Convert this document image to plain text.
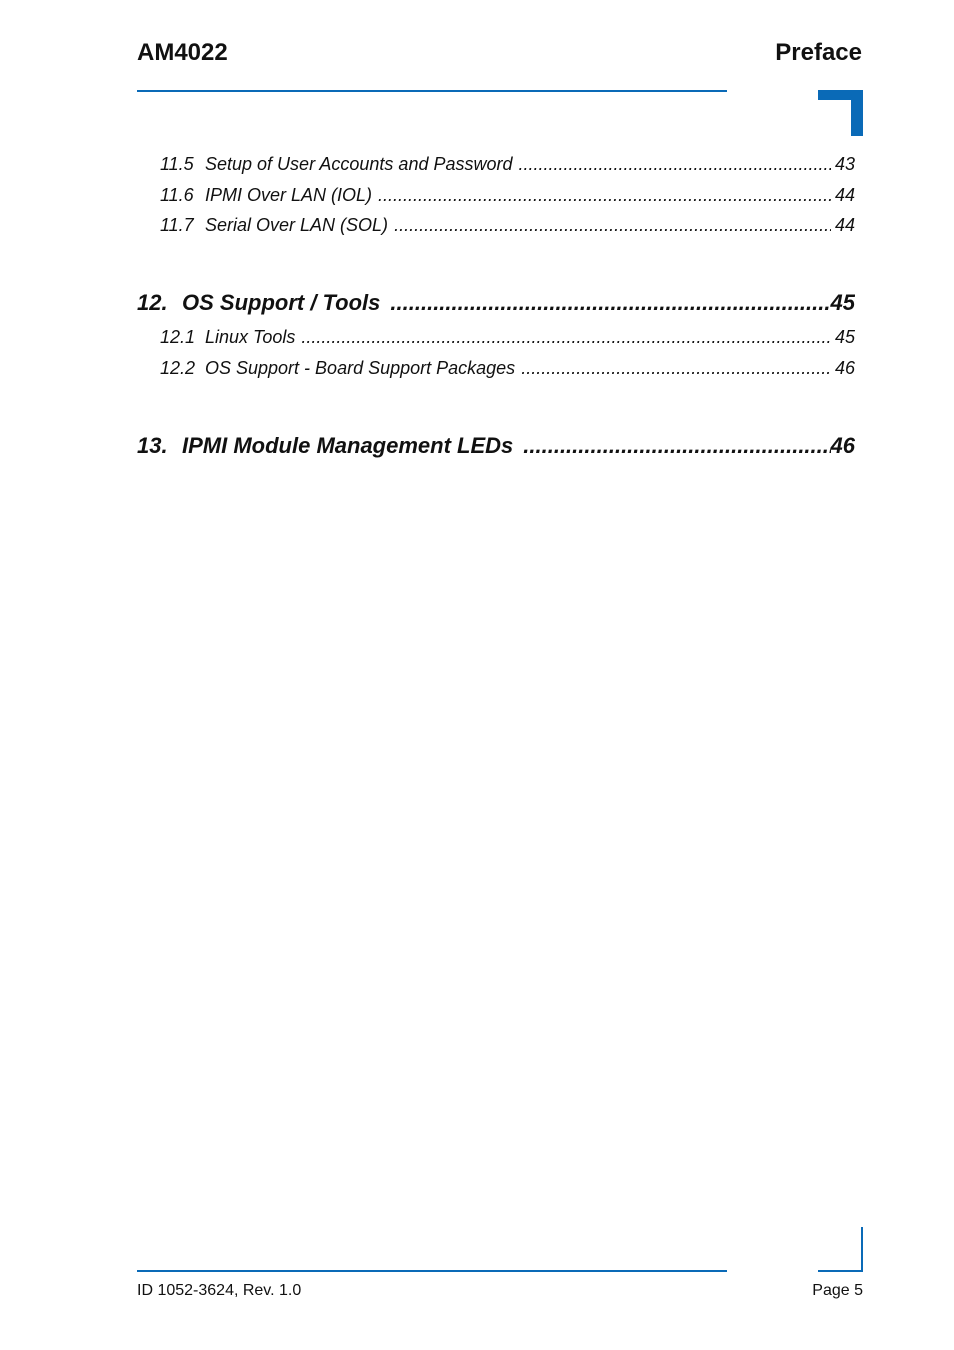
AM4022	Preface
11.5 Setup of User Accounts and Password .....	43
11.6 IPMI Over LAN (IOL) .....	44
11.7 Serial Over LAN (SOL) .....	44
12. OS Support / Tools .....	45
12.1 Linux Tools .....	45
12.2 OS Support - Board Support Packages .....	46
13. IPMI Module Management LEDs .....	46
ID 1052-3624, Rev. 1.0	Page 5
